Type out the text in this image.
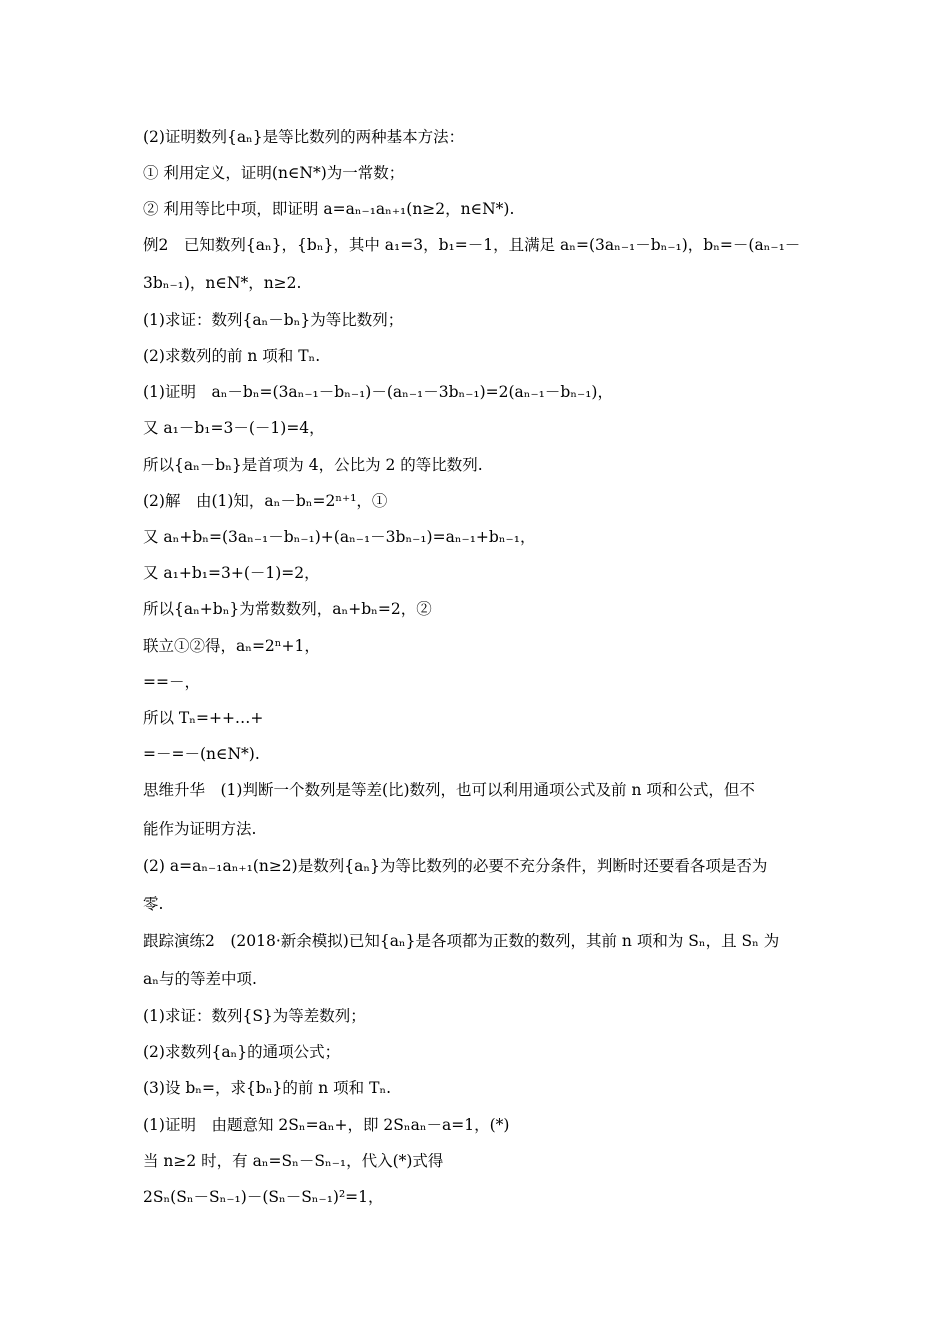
(2)证明数列{aₙ}是等比数列的两种基本方法：
① 利用定义，证明(n∈N*)为一常数；
② 利用等比中项，即证明 a=aₙ₋₁aₙ₊₁(n≥2，n∈N*).
例2　已知数列{aₙ}，{bₙ}，其中 a₁=3，b₁=－1，且满足 aₙ=(3aₙ₋₁－bₙ₋₁)，bₙ=－(aₙ₋₁－
3bₙ₋₁)，n∈N*，n≥2.
(1)求证：数列{aₙ－bₙ}为等比数列；
(2)求数列的前 n 项和 Tₙ.
(1)证明　aₙ－bₙ=(3aₙ₋₁－bₙ₋₁)－(aₙ₋₁－3bₙ₋₁)=2(aₙ₋₁－bₙ₋₁)，
又 a₁－b₁=3－(－1)=4，
所以{aₙ－bₙ}是首项为 4，公比为 2 的等比数列.
(2)解　由(1)知，aₙ－bₙ=2ⁿ⁺¹，①
又 aₙ+bₙ=(3aₙ₋₁－bₙ₋₁)+(aₙ₋₁－3bₙ₋₁)=aₙ₋₁+bₙ₋₁，
又 a₁+b₁=3+(－1)=2，
所以{aₙ+bₙ}为常数数列，aₙ+bₙ=2，②
联立①②得，aₙ=2ⁿ+1，
==－，
所以 Tₙ=++…+
=－=－(n∈N*).
思维升华　(1)判断一个数列是等差(比)数列，也可以利用通项公式及前 n 项和公式，但不
能作为证明方法.
(2) a=aₙ₋₁aₙ₊₁(n≥2)是数列{aₙ}为等比数列的必要不充分条件，判断时还要看各项是否为
零.
跟踪演练2　(2018·新余模拟)已知{aₙ}是各项都为正数的数列，其前 n 项和为 Sₙ，且 Sₙ 为
aₙ与的等差中项.
(1)求证：数列{S}为等差数列；
(2)求数列{aₙ}的通项公式；
(3)设 bₙ=，求{bₙ}的前 n 项和 Tₙ.
(1)证明　由题意知 2Sₙ=aₙ+，即 2Sₙaₙ－a=1，(*)
当 n≥2 时，有 aₙ=Sₙ－Sₙ₋₁，代入(*)式得
2Sₙ(Sₙ－Sₙ₋₁)－(Sₙ－Sₙ₋₁)²=1，
